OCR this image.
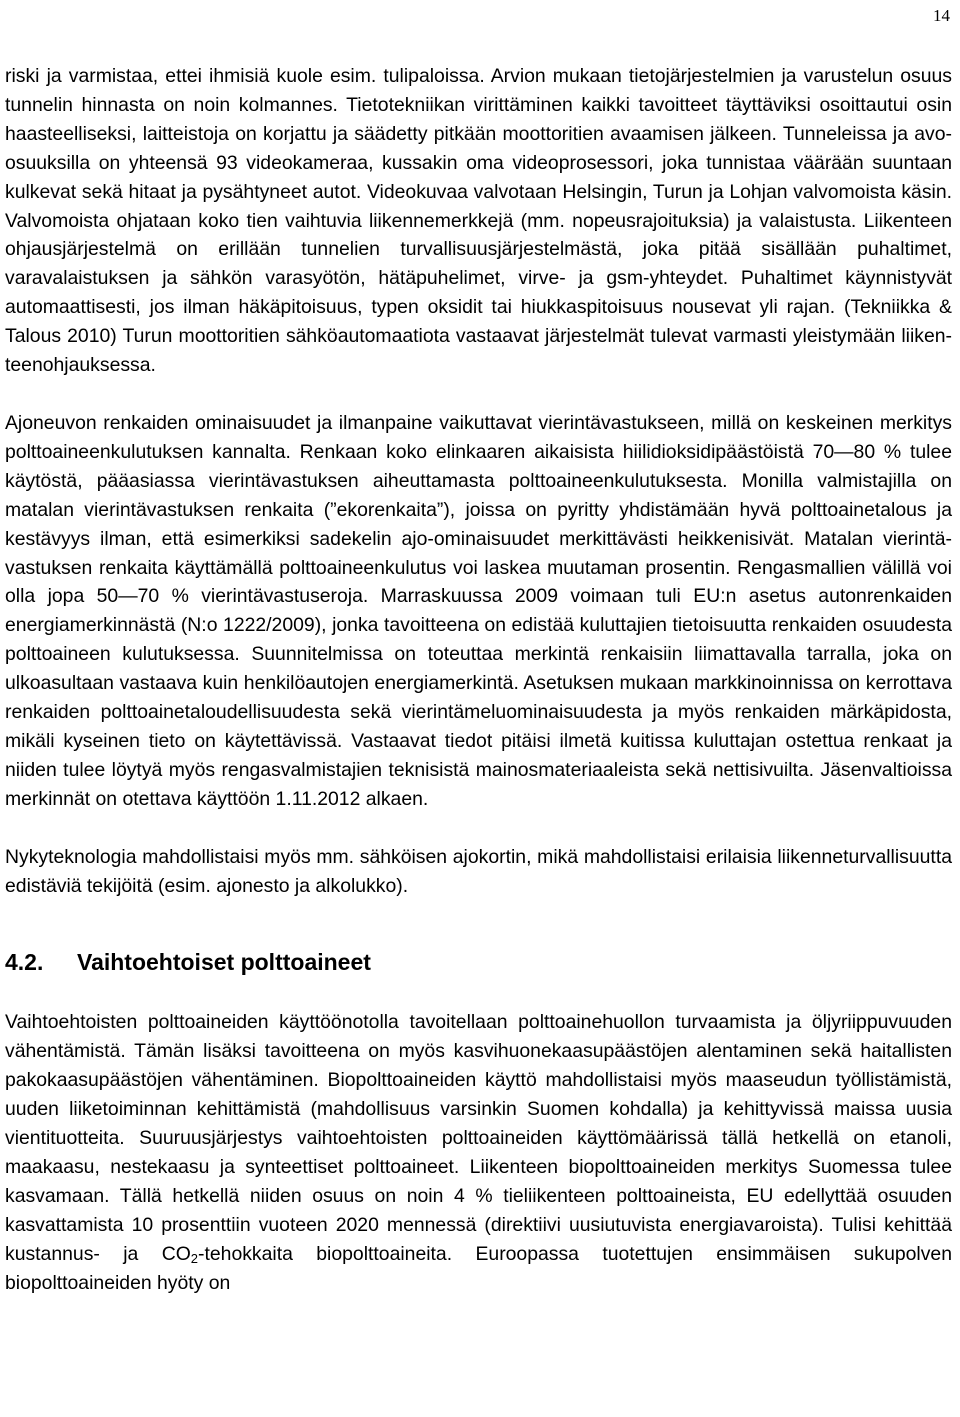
14

riski ja varmistaa, ettei ihmisiä kuole esim. tulipaloissa. Arvion mukaan tietojärjestelmien ja varustelun osuus tunnelin hinnasta on noin kolmannes. Tietotekniikan virittäminen kaikki tavoitteet täyttäviksi osoittautui osin haasteelliseksi, laitteistoja on korjattu ja säädetty pitkään moottoritien avaamisen jälkeen. Tunneleissa ja avo-osuuksilla on yhteensä 93 videokameraa, kussakin oma videoprosessori, joka tunnistaa väärään suuntaan kulkevat sekä hitaat ja pysähtyneet autot. Videokuvaa valvotaan Helsingin, Turun ja Lohjan valvomoista käsin. Valvomoista ohjataan koko tien vaihtuvia liikennemerkkejä (mm. nopeusrajoituksia) ja valaistusta. Liikenteen ohjausjärjestelmä on erillään tunnelien turvallisuusjärjestelmästä, joka pitää sisällään puhaltimet, varavalaistuksen ja sähkön varasyötön, hätäpuhelimet, virve- ja gsm-yhteydet. Puhaltimet käynnistyvät automaattisesti, jos ilman häkäpitoisuus, typen oksidit tai hiukkaspitoisuus nousevat yli rajan. (Tekniikka & Talous 2010) Turun moottoritien sähköautomaatiota vastaavat järjestelmät tulevat varmasti yleistymään liikenteenohjauksessa.

Ajoneuvon renkaiden ominaisuudet ja ilmanpaine vaikuttavat vierintävastukseen, millä on keskeinen merkitys polttoaineenkulutuksen kannalta. Renkaan koko elinkaaren aikaisista hiilidioksidipäästöistä 70—80 % tulee käytöstä, pääasiassa vierintävastuksen aiheuttamasta polttoaineenkulutuksesta. Monilla valmistajilla on matalan vierintävastuksen renkaita (”ekorenkaita”), joissa on pyritty yhdistämään hyvä polttoainetalous ja kestävyys ilman, että esimerkiksi sadekelin ajo-ominaisuudet merkittävästi heikkenisivät. Matalan vierintävastuksen renkaita käyttämällä polttoaineenkulutus voi laskea muutaman prosentin. Rengasmallien välillä voi olla jopa 50—70 % vierintävastuseroja. Marraskuussa 2009 voimaan tuli EU:n asetus autonrenkaiden energiamerkinnästä (N:o 1222/2009), jonka tavoitteena on edistää kuluttajien tietoisuutta renkaiden osuudesta polttoaineen kulutuksessa. Suunnitelmissa on toteuttaa merkintä renkaisiin liimattavalla tarralla, joka on ulkoasultaan vastaava kuin henkilöautojen energiamerkintä. Asetuksen mukaan markkinoinnissa on kerrottava renkaiden polttoainetaloudellisuudesta sekä vierintämeluominaisuudesta ja myös renkaiden märkäpidosta, mikäli kyseinen tieto on käytettävissä. Vastaavat tiedot pitäisi ilmetä kuitissa kuluttajan ostettua renkaat ja niiden tulee löytyä myös rengasvalmistajien teknisistä mainosmateriaaleista sekä nettisivuilta. Jäsenvaltioissa merkinnät on otettava käyttöön 1.11.2012 alkaen.

Nykyteknologia mahdollistaisi myös mm. sähköisen ajokortin, mikä mahdollistaisi erilaisia liikenneturvallisuutta edistäviä tekijöitä (esim. ajonesto ja alkolukko).

4.2. Vaihtoehtoiset polttoaineet

Vaihtoehtoisten polttoaineiden käyttöönotolla tavoitellaan polttoainehuollon turvaamista ja öljyriippuvuuden vähentämistä. Tämän lisäksi tavoitteena on myös kasvihuonekaasupäästöjen alentaminen sekä haitallisten pakokaasupäästöjen vähentäminen. Biopolttoaineiden käyttö mahdollistaisi myös maaseudun työllistämistä, uuden liiketoiminnan kehittämistä (mahdollisuus varsinkin Suomen kohdalla) ja kehittyvissä maissa uusia vientituotteita. Suuruusjärjestys vaihtoehtoisten polttoaineiden käyttömäärissä tällä hetkellä on etanoli, maakaasu, nestekaasu ja synteettiset polttoaineet. Liikenteen biopolttoaineiden merkitys Suomessa tulee kasvamaan. Tällä hetkellä niiden osuus on noin 4 % tieliikenteen polttoaineista, EU edellyttää osuuden kasvattamista 10 prosenttiin vuoteen 2020 mennessä (direktiivi uusiutuvista energiavaroista). Tulisi kehittää kustannus- ja $CO_2$-tehokkaita biopolttoaineita. Euroopassa tuotettujen ensimmäisen sukupolven biopolttoaineiden hyöty on
